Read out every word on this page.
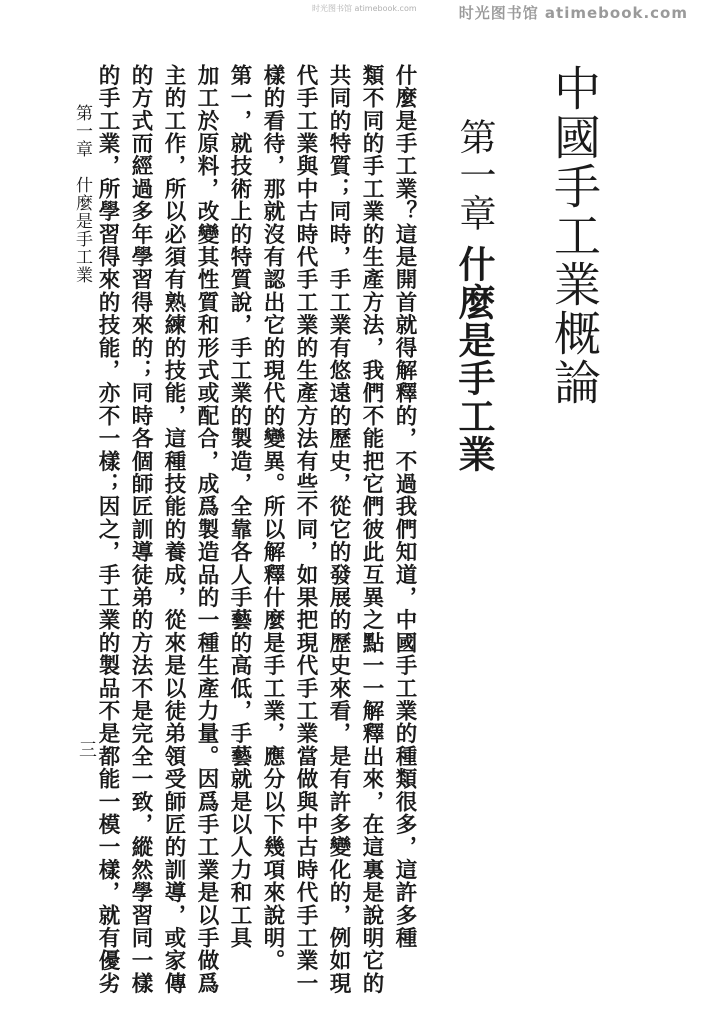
时光图书馆 atimebook.com
时光图书馆 atimebook.com
中國手工業概論
第一章
什麼是手工業
什麼是手工業？這是開首就得解釋的，不過我們知道，中國手工業的種類很多，這許多種
類不同的手工業的生產方法，我們不能把它們彼此互異之點一一解釋出來，在這裏是說明它的
共同的特質；同時，手工業有悠遠的歷史，從它的發展的歷史來看，是有許多變化的，例如現
代手工業與中古時代手工業的生產方法有些不同，如果把現代手工業當做與中古時代手工業一
樣的看待，那就沒有認出它的現代的變異。所以解釋什麼是手工業，應分以下幾項來說明。
第一，就技術上的特質說，手工業的製造，全靠各人手藝的高低，手藝就是以人力和工具
加工於原料，改變其性質和形式或配合，成爲製造品的一種生產力量。因爲手工業是以手做爲
主的工作，所以必須有熟練的技能，這種技能的養成，從來是以徒弟領受師匠的訓導，或家傳
的方式而經過多年學習得來的；同時各個師匠訓導徒弟的方法不是完全一致，縱然學習同一樣
的手工業，所學習得來的技能，亦不一樣；因之，手工業的製品不是都能一模一樣，就有優劣
第一章　什麼是手工業
三
